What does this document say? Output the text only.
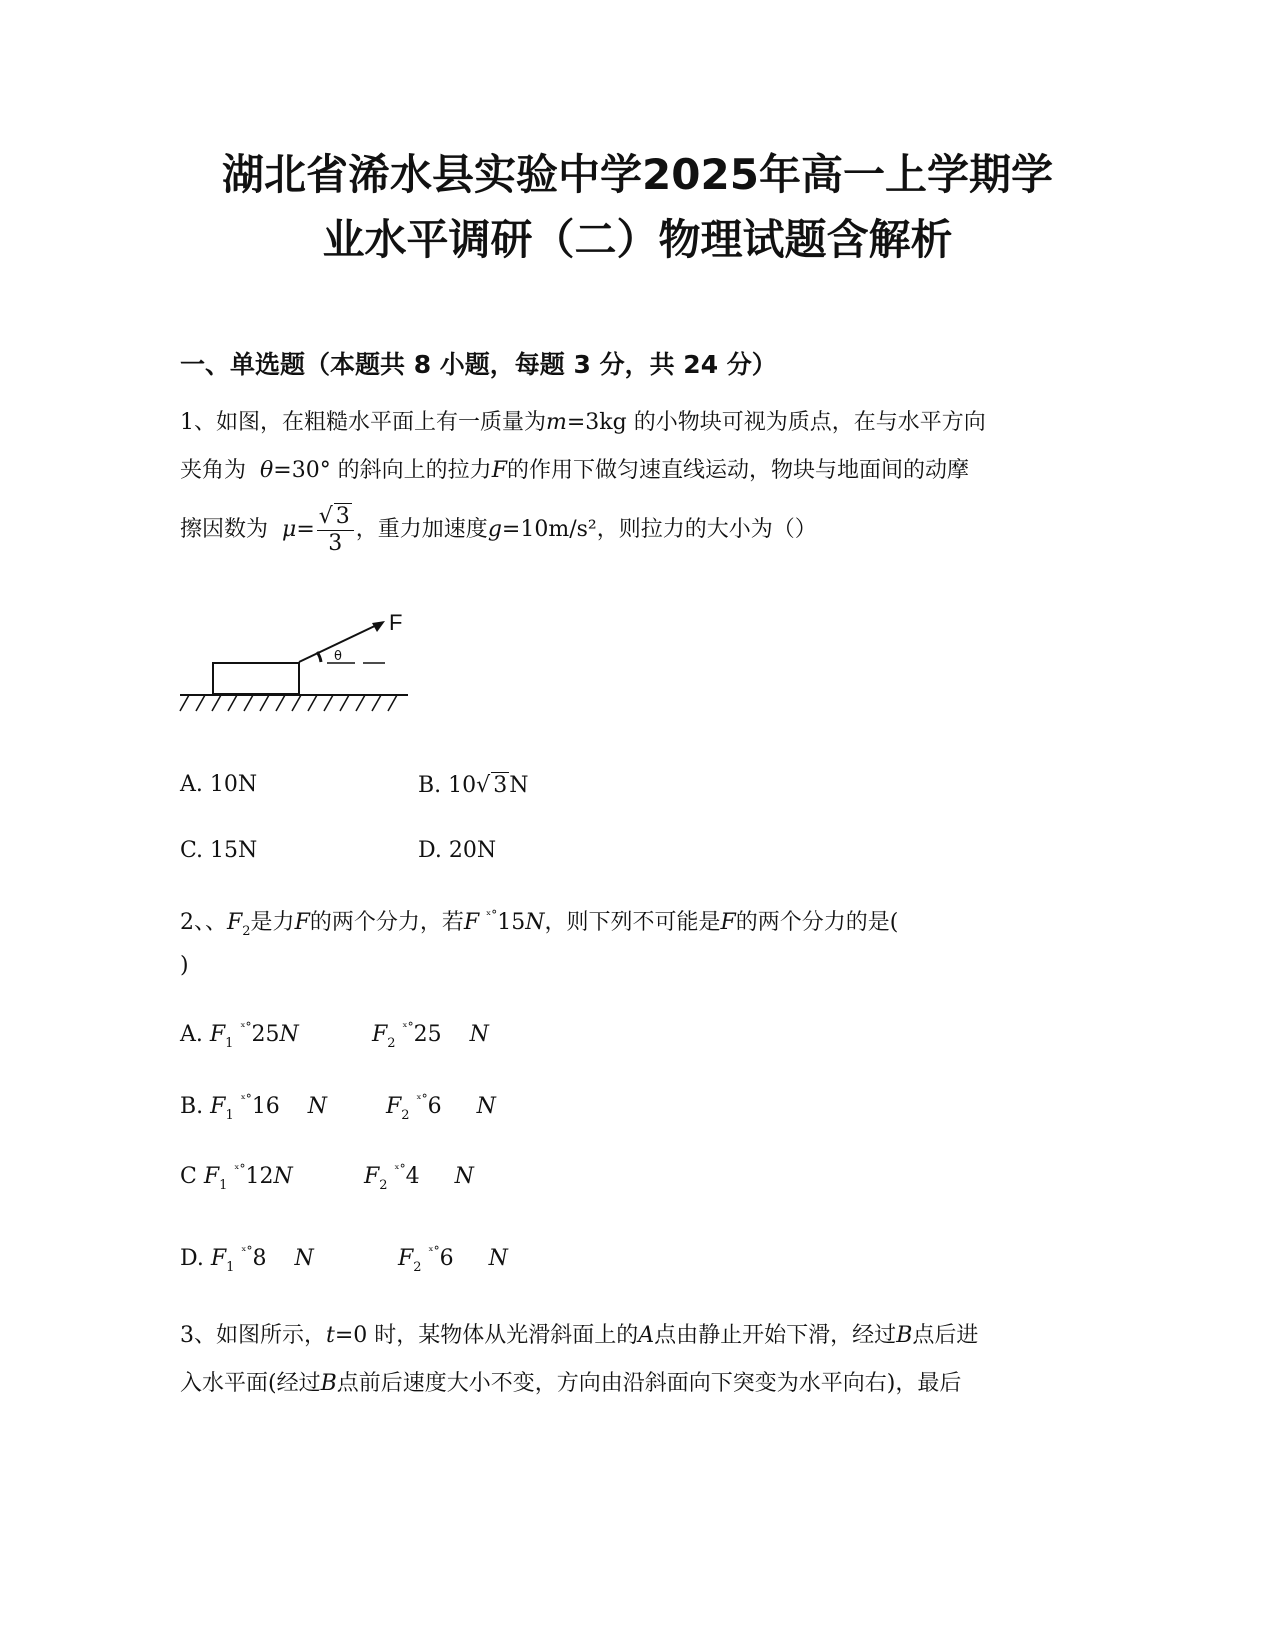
湖北省浠水县实验中学2025年高一上学期学
业水平调研（二）物理试题含解析
一、单选题（本题共 8 小题，每题 3 分，共 24 分）
1、如图，在粗糙水平面上有一质量为m=3kg 的小物块可视为质点，在与水平方向
夹角为 θ=30° 的斜向上的拉力F的作用下做匀速直线运动，物块与地面间的动摩
擦因数为 $\mu= \frac{√ 3}{3}$ ，重力加速度g=10m/s²，则拉力的大小为（）
F
θ
A. 10N	B. 10√ 3N
C. 15N	D. 20N
2、、$F_2$是力F的两个分力，若F $^{ˣ^\circ}$15N，则下列不可能是F的两个分力的是(
)
A. $F_1$ $^{ˣ^\circ}$25N	$F_2$ $^{ˣ^\circ}$25 N
B. $F_1$ $^{ˣ^\circ}$16 N	$F_2$ $^{ˣ^\circ}$6 N
C $F_1$ $^{ˣ^\circ}$12N	$F_2$ $^{ˣ^\circ}$4 N
D. $F_1$ $^{ˣ^\circ}$8 N	$F_2$ $^{ˣ^\circ}$6 N
3、如图所示，t=0 时，某物体从光滑斜面上的A点由静止开始下滑，经过B点后进
入水平面(经过B点前后速度大小不变，方向由沿斜面向下突变为水平向右)，最后
